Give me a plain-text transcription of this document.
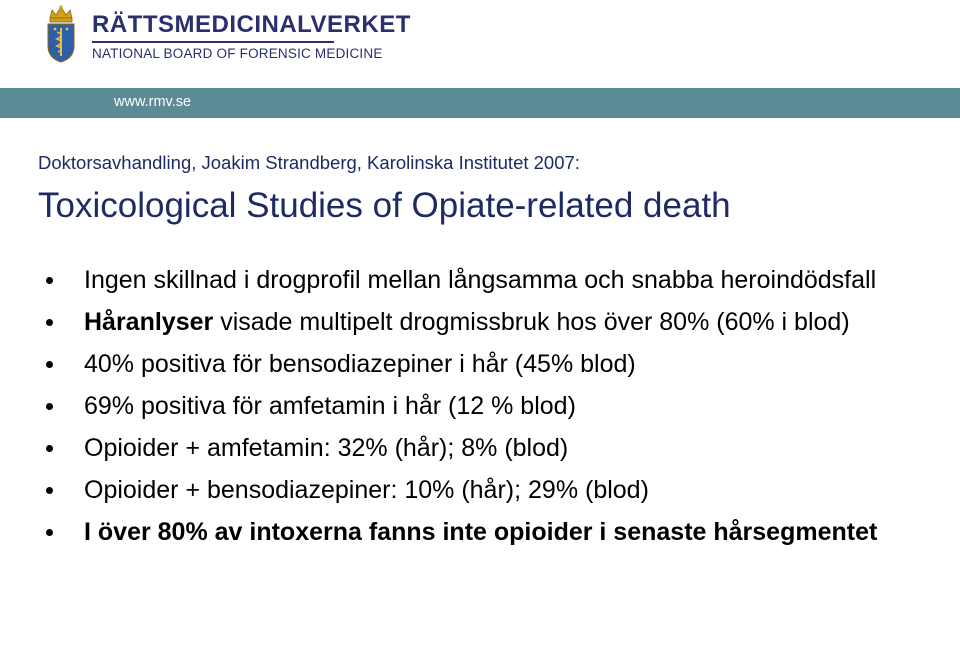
RÄTTSMEDICINALVERKET
NATIONAL BOARD OF FORENSIC MEDICINE
www.rmv.se
Doktorsavhandling, Joakim Strandberg, Karolinska Institutet 2007:
Toxicological Studies of Opiate-related death
Ingen skillnad i drogprofil mellan långsamma och snabba heroindödsfall
Håranlyser visade multipelt drogmissbruk hos över 80% (60% i blod)
40% positiva för bensodiazepiner i hår (45% blod)
69% positiva för amfetamin i hår (12 % blod)
Opioider + amfetamin: 32% (hår); 8% (blod)
Opioider + bensodiazepiner: 10% (hår); 29% (blod)
I över 80% av intoxerna fanns inte opioider i senaste hårsegmentet
